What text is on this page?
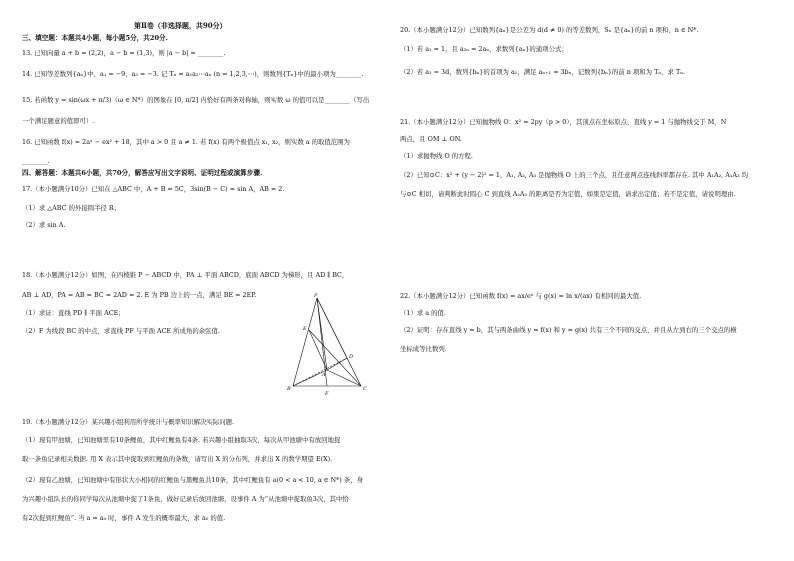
第Ⅱ卷（非选择题，共90分）
三、填空题：本题共4小题，每小题5分，共20分.
13. 已知向量 a + b = (2,2)，a − b = (1,3)，则 |a − b| = ________.
14. 已知等差数列{aₙ}中，a₁ = −9，a₃ = −3. 记 Tₙ = a₁a₂⋯aₙ (n = 1,2,3,⋯)，则数列{Tₙ}中的最小项为________.
15. 若函数 y = sin(ωx + π/3)（ω ∈ N*）的图象在 [0, π/2] 内恰好有两条对称轴，则实数 ω 的值可以是________（写出
一个满足题意的值即可）.
16. 已知函数 f(x) = 2aˣ − ex² + 18，其中 a > 0 且 a ≠ 1. 若 f(x) 有两个极值点 x₁, x₂，则实数 a 的取值范围为
________.
四、解答题：本题共6小题，共70分，解答应写出文字说明、证明过程或演算步骤.
17.（本小题满分10分）已知在 △ABC 中，A + B = 5C，3sin(B − C) = sin A，AB = 2.
（1）求 △ABC 的外接圆半径 R；
（2）求 sin A.
18.（本小题满分12分）如图，在四棱锥 P − ABCD 中，PA ⊥ 平面 ABCD，底面 ABCD 为梯形，且 AD ∥ BC，
AB ⊥ AD，PA = AB = BC = 2AD = 2. E 为 PB 边上的一点，满足 BE = 2EP.
（1）求证：直线 PD ∥ 平面 ACE；
（2）F 为线段 BC 的中点，求直线 PF 与平面 ACE 所成角的余弦值.
P
A
B	C
D
E
F
19.（本小题满分12分）某兴趣小组利用所学统计与概率知识解决实际问题.
（1）现有甲池塘，已知池塘里有10条鲤鱼，其中红鲤鱼有4条. 若兴趣小组抽取3次，每次从甲池塘中有放回地捉
取一条鱼记录相关数据. 用 X 表示其中捉取到红鲤鱼的条数，请写出 X 的分布列，并求出 X 的数学期望 E(X).
（2）现有乙池塘，已知池塘中有形状大小相同的红鲤鱼与黑鲤鱼共10条，其中红鲤鱼有 a(0 < a < 10, a ∈ N*) 条，身
为兴趣小组队长的你同学每次从池塘中捉了1条鱼，做好记录后放回池塘，设事件 A 为“从池塘中捉取鱼3次，其中恰
有2次捉到红鲤鱼”. 当 a = a₀ 时，事件 A 发生的概率最大，求 a₀ 的值.
20.（本小题满分12分）已知数列{aₙ}是公差为 d(d ≠ 0) 的等差数列，Sₙ 是{aₙ}的前 n 项和，n ∈ N*.
（1）若 a₁ = 1，且 a₂ₙ = 2aₙ，求数列{aₙ}的通项公式；
（2）若 a₁ = 3d，数列{bₙ}的首项为 a₁，满足 aₙ₊₁ = 3bₙ，记数列{bₙ}的前 n 项和为 Tₙ，求 Tₙ.
21.（本小题满分12分）已知抛物线 O：x² = 2py（p > 0），其顶点在坐标原点，直线 y = 1 与抛物线交于 M，N
两点，且 OM ⊥ ON.
（1）求抛物线 O 的方程.
（2）已知⊙C：x² + (y − 2)² = 1，A₁, A₂, A₃ 是抛物线 O 上的三个点，且任意两点连线斜率都存在. 其中 A₁A₂, A₁A₃ 均
与⊙C 相切，请判断此时圆心 C 到直线 A₂A₃ 的距离是否为定值，如果是定值，请求出定值；若不是定值，请说明理由.
22.（本小题满分12分）已知函数 f(x) = ax/eˣ 与 g(x) = ln x/(ax) 有相同的最大值.
（1）求 a 的值.
（2）证明：存在直线 y = b，其与两条曲线 y = f(x) 和 y = g(x) 共有三个不同的交点，并且从左到右的三个交点的横
坐标成等比数列.
